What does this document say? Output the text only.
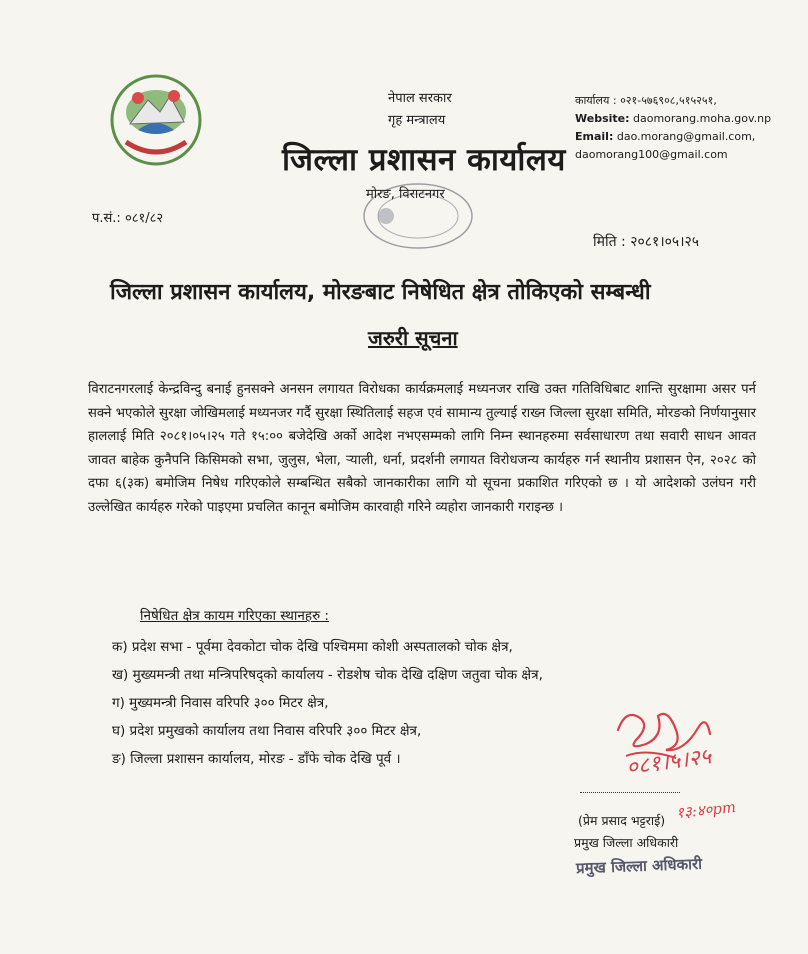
नेपाल सरकार
गृह मन्त्रालय
जिल्ला प्रशासन कार्यालय
मोरङ, विराटनगर
कार्यालय : ०२१-५७६९०८,५१५२५१,
Website: daomorang.moha.gov.np
Email: dao.morang@gmail.com,
daomorang100@gmail.com
प.सं.: ०८१/८२
मिति : २०८१।०५।२५
जिल्ला प्रशासन कार्यालय, मोरङबाट निषेधित क्षेत्र तोकिएको सम्बन्धी
जरुरी सूचना
विराटनगरलाई केन्द्रविन्दु बनाई हुनसक्ने अनसन लगायत विरोधका कार्यक्रमलाई मध्यनजर राखि उक्त गतिविधिबाट शान्ति सुरक्षामा असर पर्न सक्ने भएकोले सुरक्षा जोखिमलाई मध्यनजर गर्दै सुरक्षा स्थितिलाई सहज एवं सामान्य तुल्याई राख्न जिल्ला सुरक्षा समिति, मोरङको निर्णयानुसार हाललाई मिति २०८१।०५।२५ गते १५:०० बजेदेखि अर्को आदेश नभएसम्मको लागि निम्न स्थानहरुमा सर्वसाधारण तथा सवारी साधन आवत जावत बाहेक कुनैपनि किसिमको सभा, जुलुस, भेला, र्‍याली, धर्ना, प्रदर्शनी लगायत विरोधजन्य कार्यहरु गर्न स्थानीय प्रशासन ऐन, २०२८ को दफा ६(३क) बमोजिम निषेध गरिएकोले सम्बन्धित सबैको जानकारीका लागि यो सूचना प्रकाशित गरिएको छ । यो आदेशको उलंघन गरी उल्लेखित कार्यहरु गरेको पाइएमा प्रचलित कानून बमोजिम कारवाही गरिने व्यहोरा जानकारी गराइन्छ ।
निषेधित क्षेत्र कायम गरिएका स्थानहरु :
क) प्रदेश सभा - पूर्वमा देवकोटा चोक देखि पश्चिममा कोशी अस्पतालको चोक क्षेत्र,
ख) मुख्यमन्त्री तथा मन्त्रिपरिषद्को कार्यालय - रोडशेष चोक देखि दक्षिण जतुवा चोक क्षेत्र,
ग) मुख्यमन्त्री निवास वरिपरि ३०० मिटर क्षेत्र,
घ) प्रदेश प्रमुखको कार्यालय तथा निवास वरिपरि ३०० मिटर क्षेत्र,
ङ) जिल्ला प्रशासन कार्यालय, मोरङ - डाँफे चोक देखि पूर्व ।	०८१।५।२५
१३:४०pm
(प्रेम प्रसाद भट्टराई)
प्रमुख जिल्ला अधिकारी
प्रमुख जिल्ला अधिकारी
